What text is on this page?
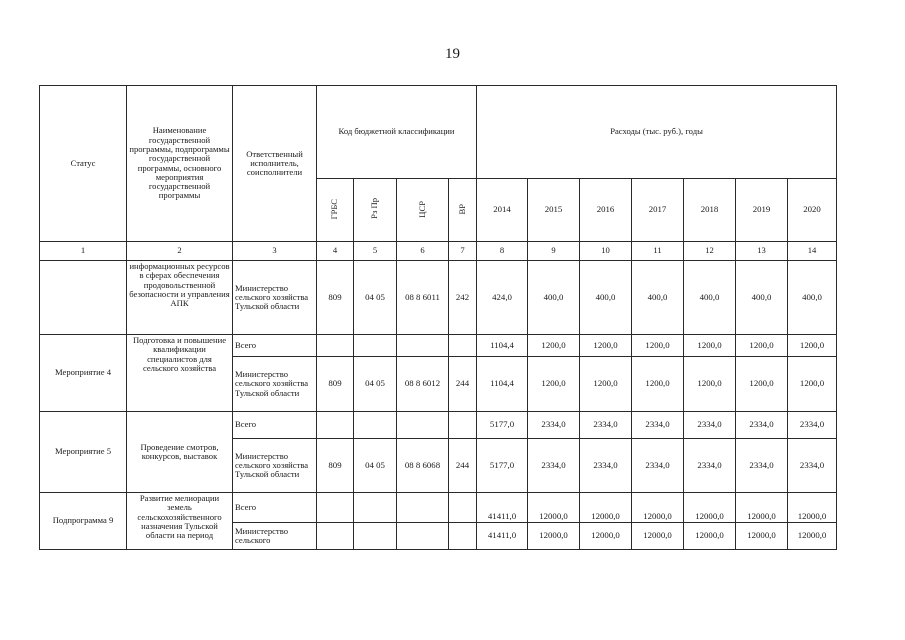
19
Статус	Наименование государственной программы, подпрограммы государственной программы, основного мероприятия государственной программы	Ответственный исполнитель, соисполнители	Код бюджетной классификации				Расходы (тыс. руб.), годы						
			ГРБС	Рз Пр	ЦСР	ВР	2014	2015	2016	2017	2018	2019	2020
1	2	3	4	5	6	7	8	9	10	11	12	13	14
	информационных ресурсов в сферах обеспечения продовольственной безопасности и управления АПК	Министерство сельского хозяйства Тульской области	809	04 05	08 8 6011	242	424,0	400,0	400,0	400,0	400,0	400,0	400,0
Мероприятие 4	Подготовка и повышение квалификации специалистов для сельского хозяйства	Всего					1104,4	1200,0	1200,0	1200,0	1200,0	1200,0	1200,0
		Министерство сельского хозяйства Тульской области	809	04 05	08 8 6012	244	1104,4	1200,0	1200,0	1200,0	1200,0	1200,0	1200,0
Мероприятие 5	Проведение смотров, конкурсов, выставок	Всего					5177,0	2334,0	2334,0	2334,0	2334,0	2334,0	2334,0
		Министерство сельского хозяйства Тульской области	809	04 05	08 8 6068	244	5177,0	2334,0	2334,0	2334,0	2334,0	2334,0	2334,0
Подпрограмма 9	Развитие мелиорации земель сельскохозяйственного назначения Тульской области на период	Всего					41411,0	12000,0	12000,0	12000,0	12000,0	12000,0	12000,0
		Министерство сельского					41411,0	12000,0	12000,0	12000,0	12000,0	12000,0	12000,0
